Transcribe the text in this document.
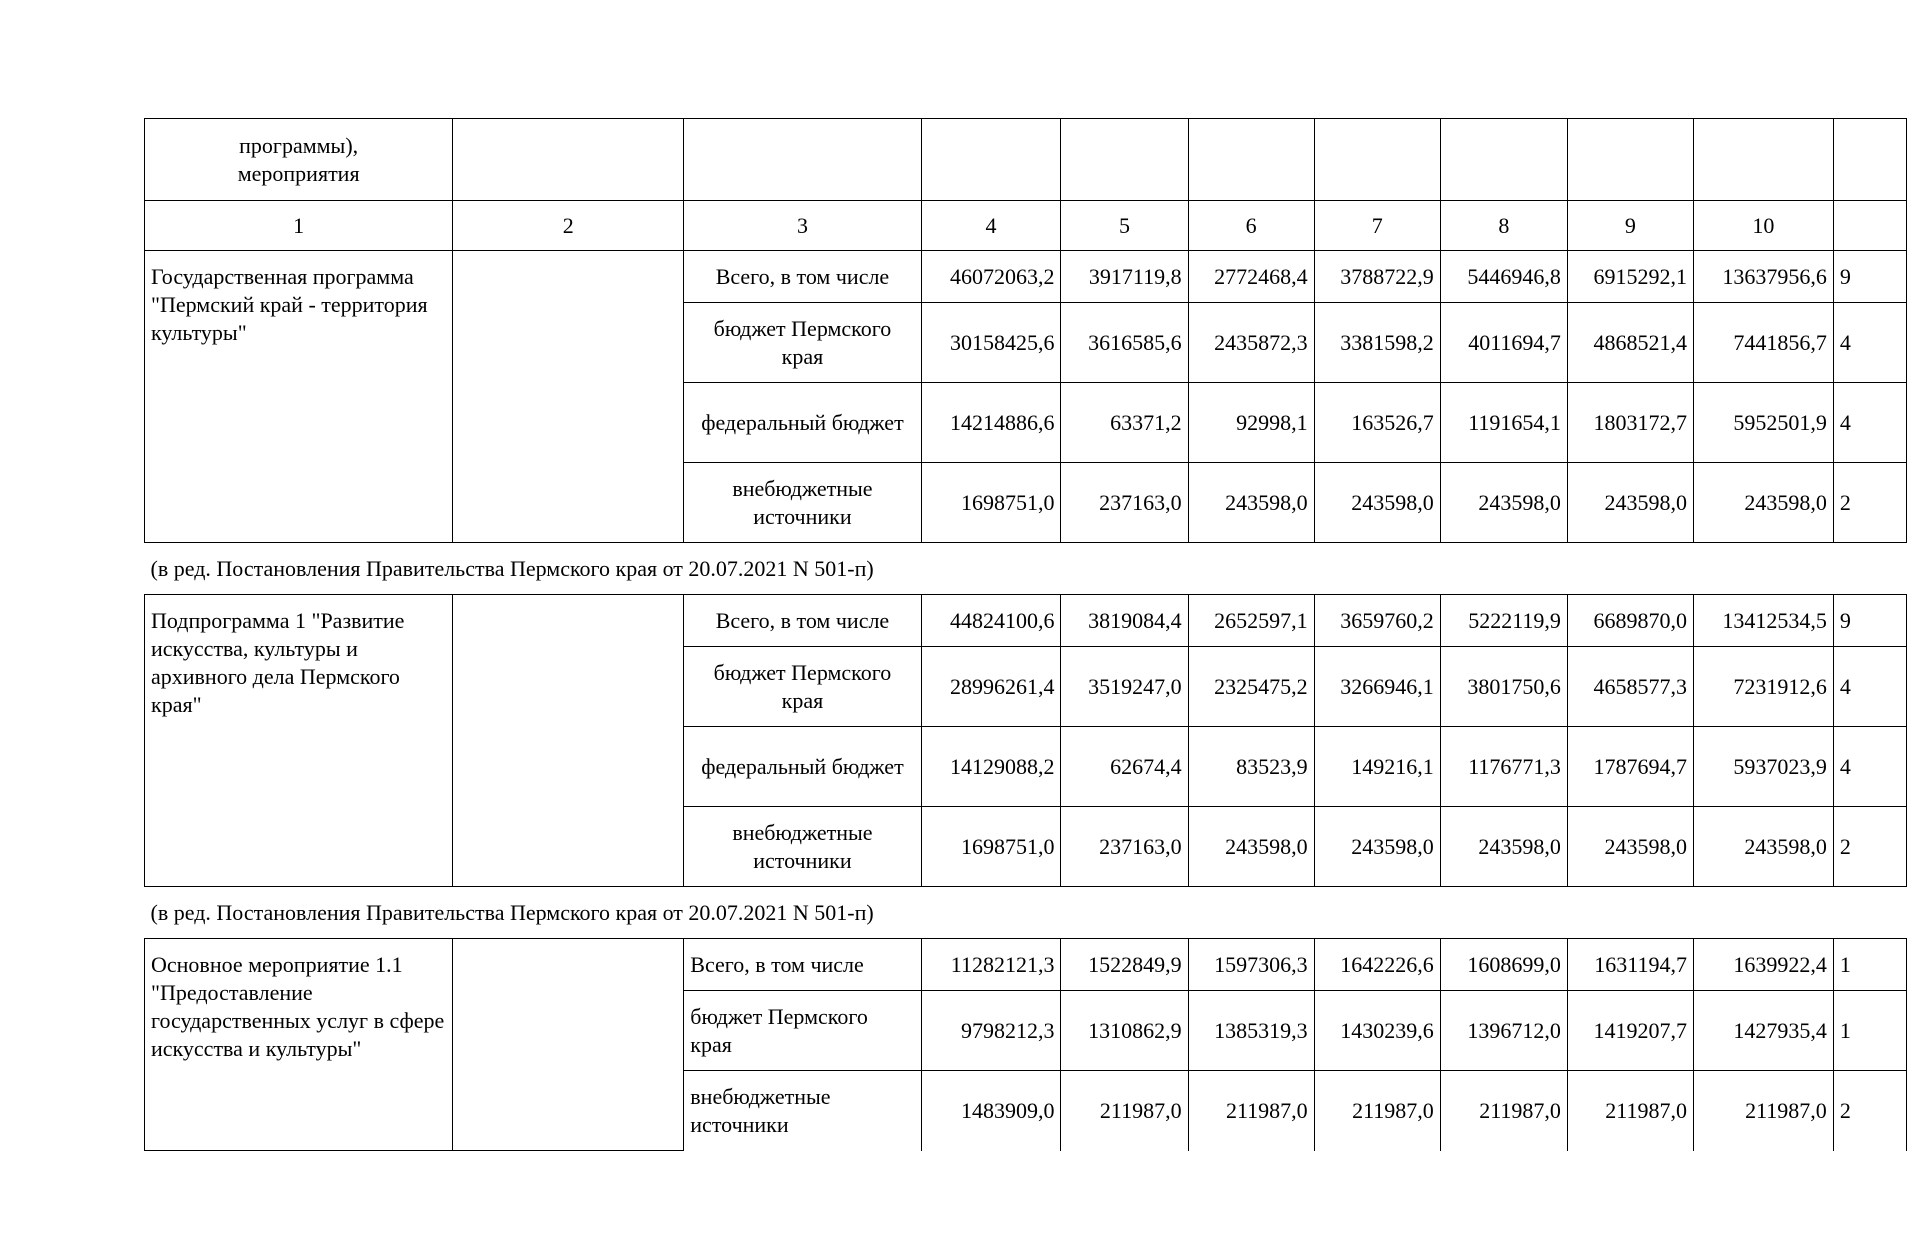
программы),
мероприятия										
1	2	3	4	5	6	7	8	9	10	
Государственная программа "Пермский край - территория культуры"		Всего, в том числе	46072063,2	3917119,8	2772468,4	3788722,9	5446946,8	6915292,1	13637956,6	9
		бюджет Пермского края	30158425,6	3616585,6	2435872,3	3381598,2	4011694,7	4868521,4	7441856,7	4
		федеральный бюджет	14214886,6	63371,2	92998,1	163526,7	1191654,1	1803172,7	5952501,9	4
		внебюджетные источники	1698751,0	237163,0	243598,0	243598,0	243598,0	243598,0	243598,0	2
(в ред. Постановления Правительства Пермского края от 20.07.2021 N 501-п)										
Подпрограмма 1 "Развитие искусства, культуры и архивного дела Пермского края"		Всего, в том числе	44824100,6	3819084,4	2652597,1	3659760,2	5222119,9	6689870,0	13412534,5	9
		бюджет Пермского края	28996261,4	3519247,0	2325475,2	3266946,1	3801750,6	4658577,3	7231912,6	4
		федеральный бюджет	14129088,2	62674,4	83523,9	149216,1	1176771,3	1787694,7	5937023,9	4
		внебюджетные источники	1698751,0	237163,0	243598,0	243598,0	243598,0	243598,0	243598,0	2
(в ред. Постановления Правительства Пермского края от 20.07.2021 N 501-п)										
Основное мероприятие 1.1 "Предоставление государственных услуг в сфере искусства и культуры"		Всего, в том числе	11282121,3	1522849,9	1597306,3	1642226,6	1608699,0	1631194,7	1639922,4	1
		бюджет Пермского края	9798212,3	1310862,9	1385319,3	1430239,6	1396712,0	1419207,7	1427935,4	1
		внебюджетные источники	1483909,0	211987,0	211987,0	211987,0	211987,0	211987,0	211987,0	2
